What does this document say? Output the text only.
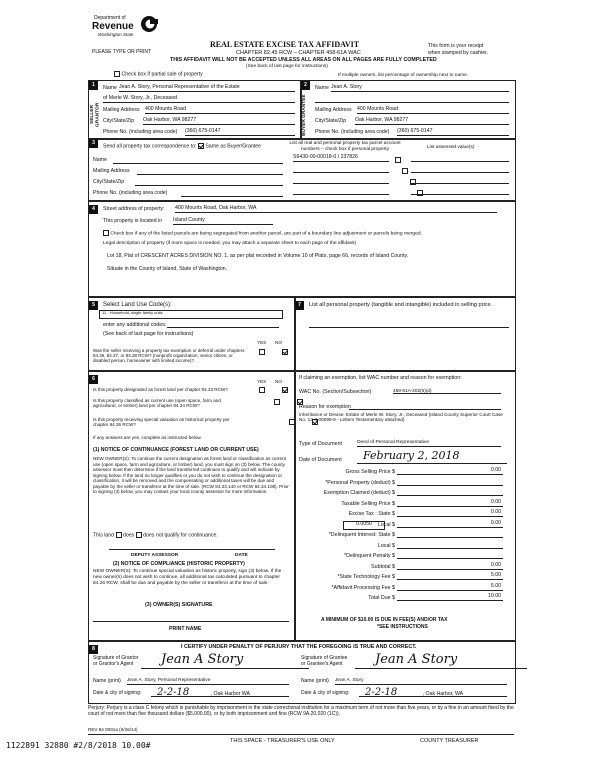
Department of
Revenue
Washington State
PLEASE TYPE OR PRINT
REAL ESTATE EXCISE TAX AFFIDAVIT
CHAPTER 82.45 RCW – CHAPTER 458-61A WAC
THIS AFFIDAVIT WILL NOT BE ACCEPTED UNLESS ALL AREAS ON ALL PAGES ARE FULLY COMPLETED
(See back of last page for instructions)
This form is your receipt
when stamped by cashier.
Check box if partial sale of property	If multiple owners, list percentage of ownership next to name.
1
SELLER GRANTOR
Name Jean A. Story, Personal Representative of the Estate
of Merle W. Story, Jr., Deceased
Mailing Address 400 Mounts Road
City/State/Zip Oak Harbor, WA 98277
Phone No. (including area code) (360) 675-0147
2
BUYER GRANTEE
Name Jean A. Story
Mailing Address 400 Mounts Road
City/State/Zip Oak Harbor, WA 98277
Phone No. (including area code) (360) 675-0147
3
Send all property tax correspondence to: Same as Buyer/Grantee
Name
Mailing Address
City/State/Zip
Phone No. (including area code)
List all real and personal property tax parcel account numbers – check box if personal property	List assessed value(s)
S6430-00-00018-0 / 237826

4	Street address of property: 400 Mounts Road, Oak Harbor, WA
This property is located in Island County
Check box if any of the listed parcels are being segregated from another parcel, are part of a boundary line adjustment or parcels being merged.
Legal description of property (if more space is needed, you may attach a separate sheet to each page of the affidavit)
Lot 18, Plat of CRESCENT ACRES DIVISION NO. 1, as per plat recorded in Volume 10 of Plats, page 66, records of Island County.
Situate in the County of Island, State of Washington.
5	Select Land Use Code(s):
11 - Household, single family units
enter any additional codes:
(See back of last page for instructions)
YES NO
Was the seller receiving a property tax exemption or deferral under chapters 84.36, 84.37, or 84.38 RCW? (nonprofit organization, senior citizen, or disabled person, homeowner with limited income)?

7	List all personal property (tangible and intangible) included in selling price.
6	YES NO
Is this property designated as forest land per chapter 84.33 RCW?

Is this property classified as current use (open space, farm and agricultural, or timber) land per chapter 84.34 RCW?

Is this property receiving special valuation as historical property per chapter 84.26 RCW?

If any answers are yes, complete as instructed below.
(1) NOTICE OF CONTINUANCE (FOREST LAND OR CURRENT USE)
NEW OWNER(S): To continue the current designation as forest land or classification as current use (open space, farm and agriculture, or timber) land, you must sign on (3) below. The county assessor must then determine if the land transferred continues to qualify and will indicate by signing below. If the land no longer qualifies or you do not wish to continue the designation or classification, it will be removed and the compensating or additional taxes will be due and payable by the seller or transferor at the time of sale. (RCW 84.33.140 or RCW 84.34.108). Prior to signing (3) below, you may contact your local county assessor for more information.
This land does does not qualify for continuance.
DEPUTY ASSESSOR	DATE
(2) NOTICE OF COMPLIANCE (HISTORIC PROPERTY)
NEW OWNER(S): To continue special valuation as historic property, sign (3) below. If the new owner(s) does not wish to continue, all additional tax calculated pursuant to chapter 84.26 RCW, shall be due and payable by the seller or transferor at the time of sale.
(3) OWNER(S) SIGNATURE
PRINT NAME
If claiming an exemption, list WAC number and reason for exemption:
WAC No. (Section/Subsection)	458-61A-202(6)(d)
Reason for exemption
Inheritance or Devise: Estate of Merle W. Story, Jr., Deceased (Island County Superior Court Case No. 13-4-00098-9 - Letters Testamentary attached)
Type of Document	Deed of Personal Representative
Date of Document	February 2, 2018
Gross Selling Price $	0.00
*Personal Property (deduct) $
Exemption Claimed (deduct) $
Taxable Selling Price $	0.00
Excise Tax : State $	0.00
Local $	0.00
*Delinquent Interest: State $
Local $
*Delinquent Penalty $
Subtotal $	0.00
*State Technology Fee $	5.00
*Affidavit Processing Fee $	5.00
Total Due $	10.00
0.0050
A MINIMUM OF $10.00 IS DUE IN FEE(S) AND/OR TAX
*SEE INSTRUCTIONS
8	I CERTIFY UNDER PENALTY OF PERJURY THAT THE FOREGOING IS TRUE AND CORRECT.
Signature of Grantor or Grantor's Agent	Jean A Story
Name (print) Jean A. Story, Personal Representative
Date & city of signing:	2-2-18	, Oak Harbor WA
Signature of Grantee or Grantee's Agent	Jean A Story
Name (print) Jean A. Story
Date & city of signing:	2-2-18	, Oak Harbor, WA
Perjury: Perjury is a class C felony which is punishable by imprisonment in the state correctional institution for a maximum term of not more than five years, or by a fine in an amount fixed by the court of not more than five thousand dollars ($5,000.00), or by both imprisonment and fine (RCW 9A.20.020 (1C)).
REV 84 0001a (6/26/14)
THIS SPACE - TREASURER'S USE ONLY	COUNTY TREASURER
1122891 32880 #2/8/2018 10.00#
